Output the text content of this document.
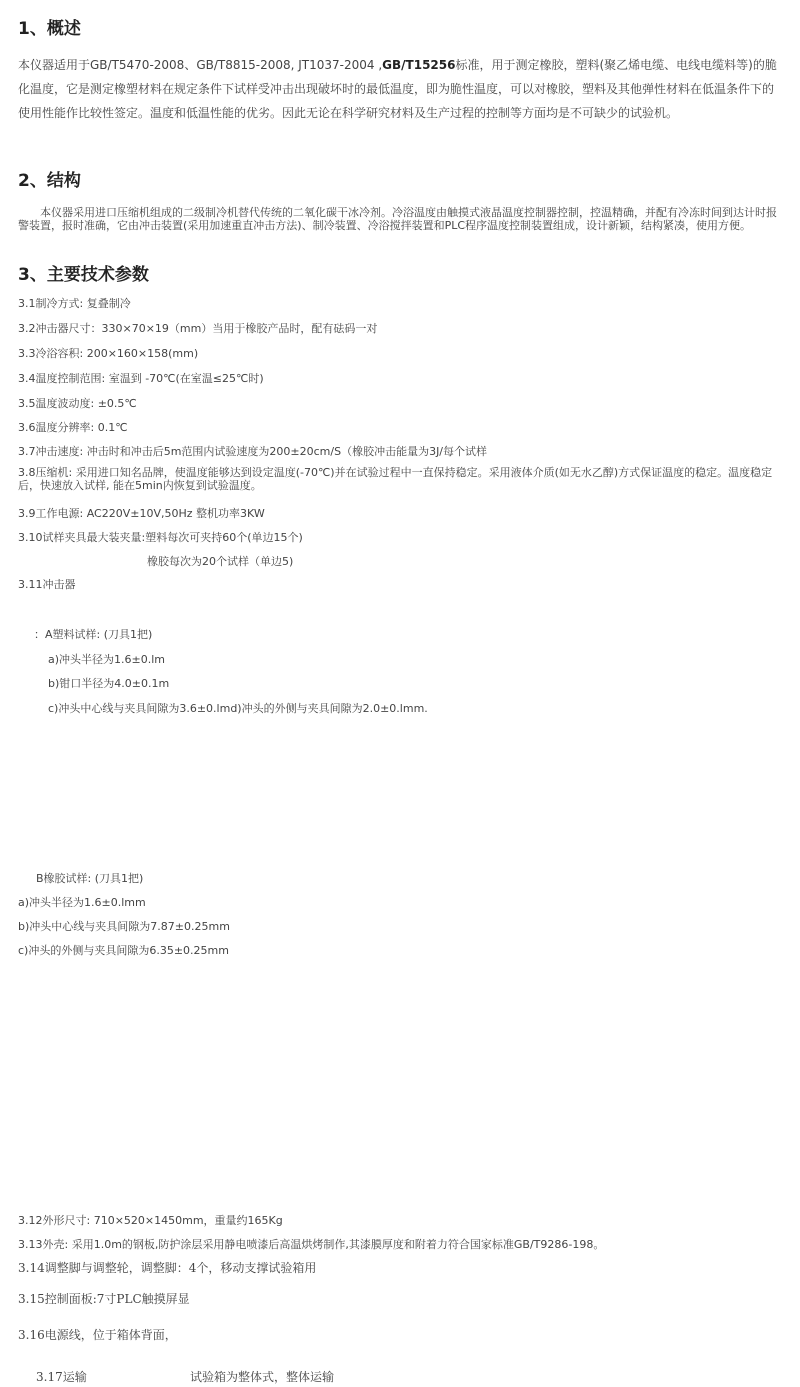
1、概述

本仪器适用于GB/T5470-2008、GB/T8815-2008, JT1037-2004 ,GB/T15256标准，用于测定橡胶，塑料(聚乙烯电缆、电线电缆料等)的脆化温度，它是测定橡塑材料在规定条件下试样受冲击出现破坏时的最低温度，即为脆性温度，可以对橡胶，塑料及其他弹性材料在低温条件下的使用性能作比较性签定。温度和低温性能的优劣。因此无论在科学研究材料及生产过程的控制等方面均是不可缺少的试验机。

2、结构

本仪器采用进口压缩机组成的二级制冷机替代传统的二氧化碳干冰冷剂。冷浴温度由触摸式液晶温度控制器控制，控温精确，并配有冷冻时间到达计时报警装置，报时准确，它由冲击装置(采用加速重直冲击方法)、制冷装置、冷浴搅拌装置和PLC程序温度控制装置组成，设计新颖，结构紧凑，使用方便。

3、主要技术参数

3.1制冷方式: 复叠制冷

3.2冲击器尺寸：330×70×19（mm）当用于橡胶产品时，配有砝码一对

3.3冷浴容积: 200×160×158(mm)

3.4温度控制范围: 室温到 -70℃(在室温≤25℃时)

3.5温度波动度: ±0.5℃

3.6温度分辨率: 0.1℃

3.7冲击速度: 冲击时和冲击后5m范围内试验速度为200±20cm/S（橡胶冲击能量为3J/每个试样

3.8压缩机: 采用进口知名品牌，使温度能够达到设定温度(-70℃)并在试验过程中一直保持稳定。采用液体介质(如无水乙醇)方式保证温度的稳定。温度稳定后，快速放入试样, 能在5min内恢复到试验温度。

3.9工作电源: AC220V±10V,50Hz 整机功率3KW

3.10试样夹具最大装夹量:塑料每次可夹持60个(单边15个)

橡胶每次为20个试样（单边5)

3.11冲击器

：A塑料试样: (刀具1把)

a)冲头半径为1.6±0.lm

b)钳口半径为4.0±0.1m

c)冲头中心线与夹具间隙为3.6±0.lmd)冲头的外侧与夹具间隙为2.0±0.lmm.

B橡胶试样: (刀具1把)

a)冲头半径为1.6±0.lmm

b)冲头中心线与夹具间隙为7.87±0.25mm

c)冲头的外侧与夹具间隙为6.35±0.25mm

3.12外形尺寸: 710×520×1450mm，重量约165Kg

3.13外壳: 采用1.0m的钢板,防护涂层采用静电喷漆后高温烘烤制作,其漆膜厚度和附着力符合国家标准GB/T9286-198。

3.14调整脚与调整轮，调整脚：4个，移动支撑试验箱用

3.15控制面板:7寸PLC触摸屏显

3.16电源线，位于箱体背面，

3.17运输	试验箱为整体式，整体运输
